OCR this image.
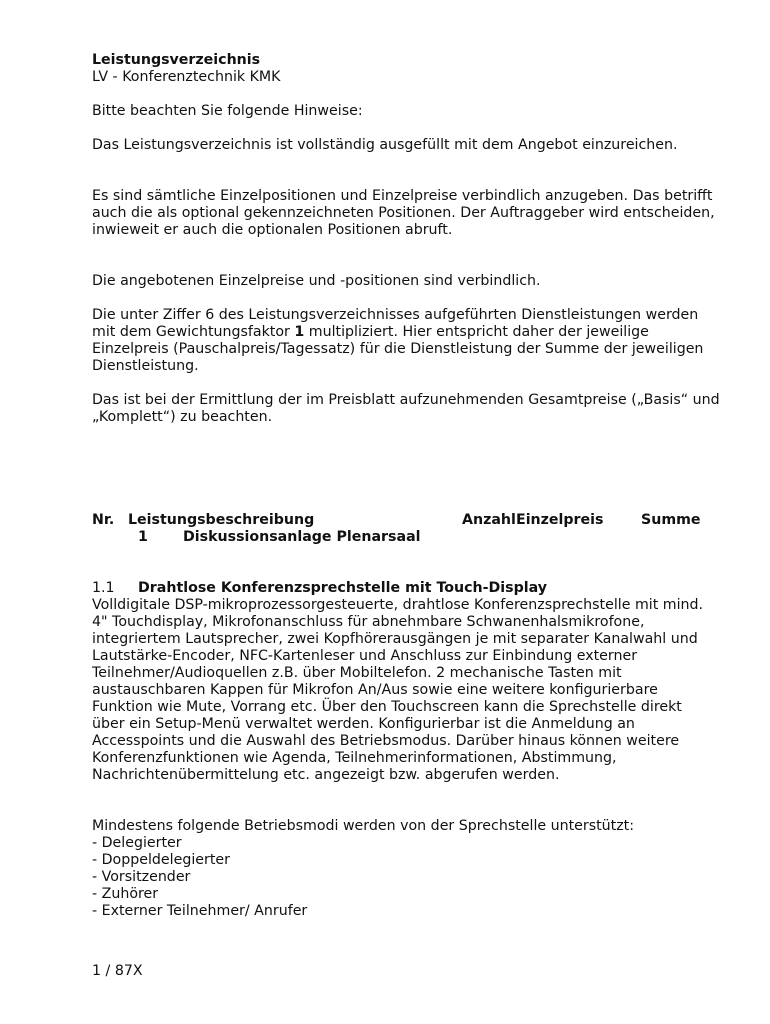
Leistungsverzeichnis
LV - Konferenztechnik KMK

Bitte beachten Sie folgende Hinweise:

Das Leistungsverzeichnis ist vollständig ausgefüllt mit dem Angebot einzureichen.

Es sind sämtliche Einzelpositionen und Einzelpreise verbindlich anzugeben. Das betrifft auch die als optional gekennzeichneten Positionen. Der Auftraggeber wird entscheiden, inwieweit er auch die optionalen Positionen abruft.

Die angebotenen Einzelpreise und -positionen sind verbindlich.

Die unter Ziffer 6 des Leistungsverzeichnisses aufgeführten Dienstleistungen werden mit dem Gewichtungsfaktor 1 multipliziert. Hier entspricht daher der jeweilige Einzelpreis (Pauschalpreis/Tagessatz) für die Dienstleistung der Summe der jeweiligen Dienstleistung.

Das ist bei der Ermittlung der im Preisblatt aufzunehmenden Gesamtpreise („Basis“ und „Komplett“) zu beachten.

Nr. Leistungsbeschreibung	Anzahl Einzelpreis	Summe
1 Diskussionsanlage Plenarsaal
1.1 Drahtlose Konferenzsprechstelle mit Touch-Display
Volldigitale DSP-mikroprozessorgesteuerte, drahtlose Konferenzsprechstelle mit mind. 4" Touchdisplay, Mikrofonanschluss für abnehmbare Schwanenhalsmikrofone, integriertem Lautsprecher, zwei Kopfhörerausgängen je mit separater Kanalwahl und Lautstärke-Encoder, NFC-Kartenleser und Anschluss zur Einbindung externer Teilnehmer/Audioquellen z.B. über Mobiltelefon. 2 mechanische Tasten mit austauschbaren Kappen für Mikrofon An/Aus sowie eine weitere konfigurierbare Funktion wie Mute, Vorrang etc. Über den Touchscreen kann die Sprechstelle direkt über ein Setup-Menü verwaltet werden. Konfigurierbar ist die Anmeldung an Accesspoints und die Auswahl des Betriebsmodus. Darüber hinaus können weitere Konferenzfunktionen wie Agenda, Teilnehmerinformationen, Abstimmung, Nachrichtenübermittelung etc. angezeigt bzw. abgerufen werden.
Mindestens folgende Betriebsmodi werden von der Sprechstelle unterstützt:
- Delegierter
- Doppeldelegierter
- Vorsitzender
- Zuhörer
- Externer Teilnehmer/ Anrufer
1 / 87X
